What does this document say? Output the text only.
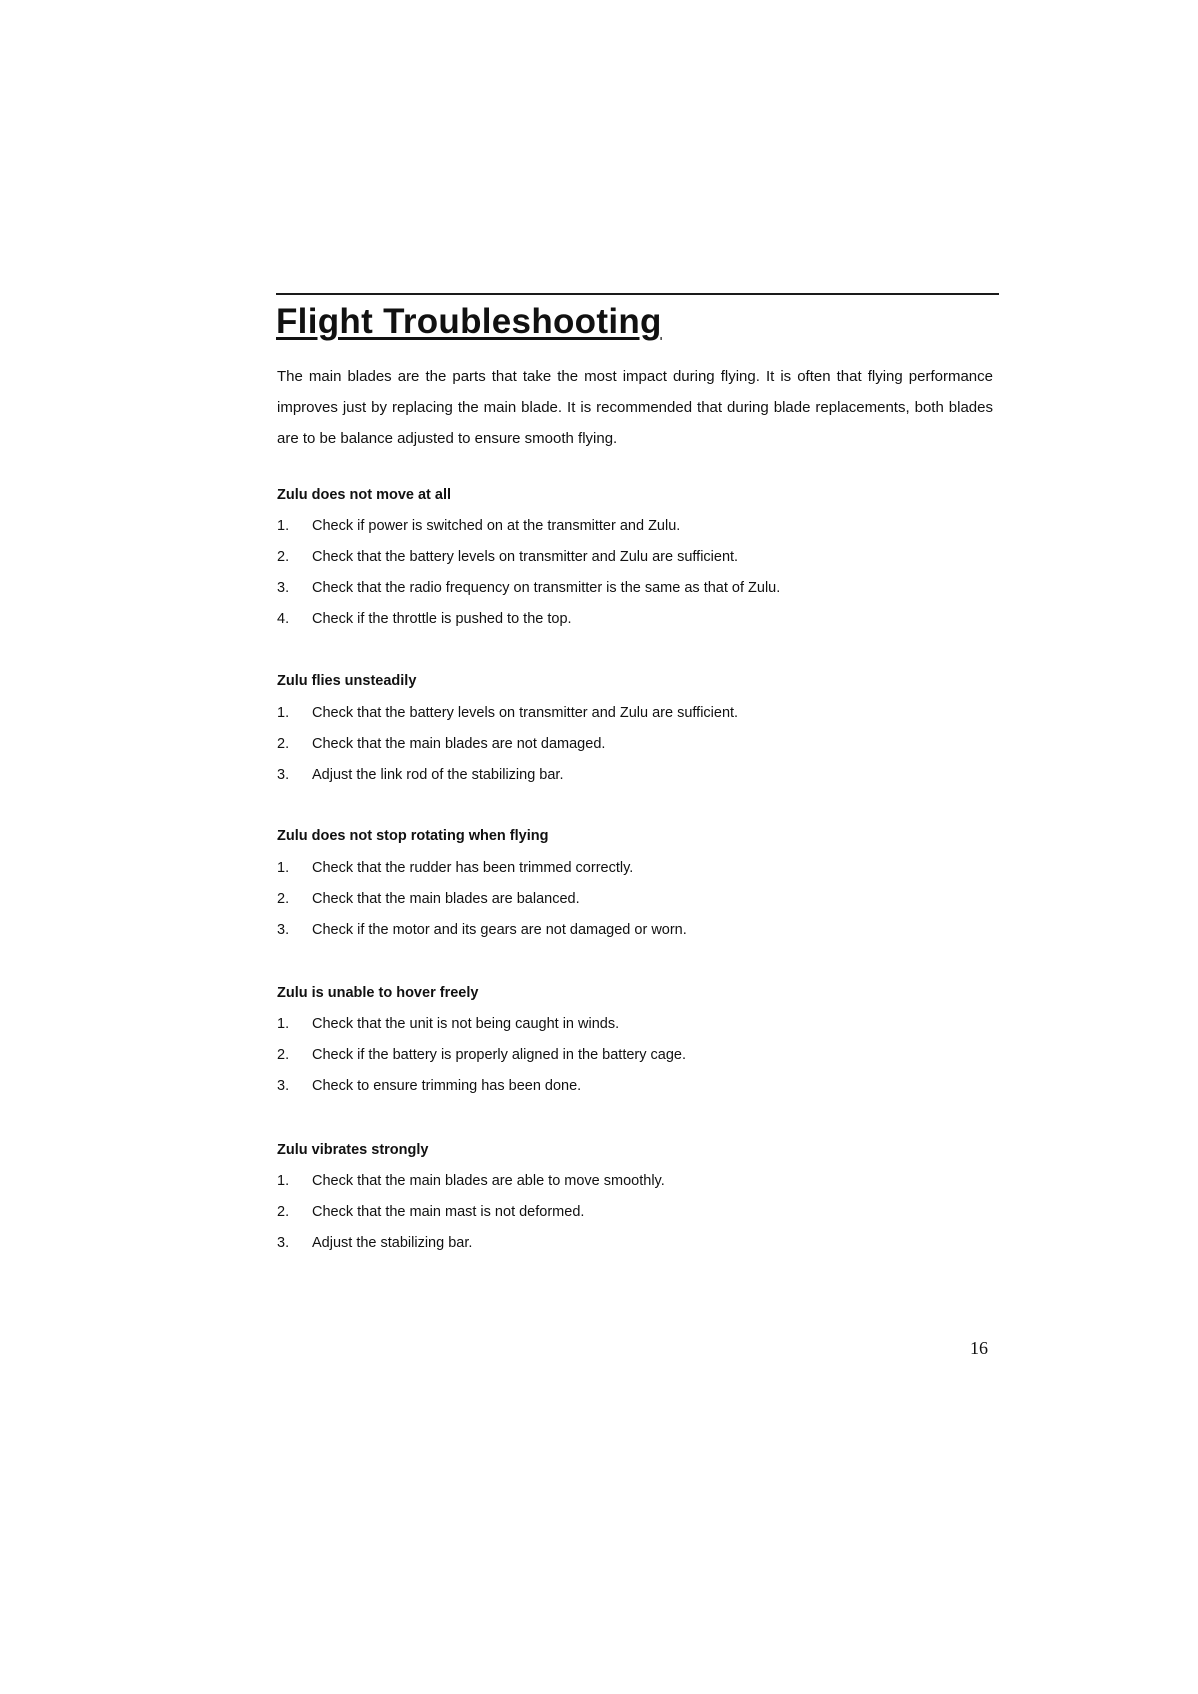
Flight Troubleshooting

The main blades are the parts that take the most impact during flying. It is often that flying performance improves just by replacing the main blade. It is recommended that during blade replacements, both blades are to be balance adjusted to ensure smooth flying.

Zulu does not move at all
1. Check if power is switched on at the transmitter and Zulu.
2. Check that the battery levels on transmitter and Zulu are sufficient.
3. Check that the radio frequency on transmitter is the same as that of Zulu.
4. Check if the throttle is pushed to the top.
Zulu flies unsteadily
1. Check that the battery levels on transmitter and Zulu are sufficient.
2. Check that the main blades are not damaged.
3. Adjust the link rod of the stabilizing bar.
Zulu does not stop rotating when flying
1. Check that the rudder has been trimmed correctly.
2. Check that the main blades are balanced.
3. Check if the motor and its gears are not damaged or worn.
Zulu is unable to hover freely
1. Check that the unit is not being caught in winds.
2. Check if the battery is properly aligned in the battery cage.
3. Check to ensure trimming has been done.
Zulu vibrates strongly
1. Check that the main blades are able to move smoothly.
2. Check that the main mast is not deformed.
3. Adjust the stabilizing bar.
16
